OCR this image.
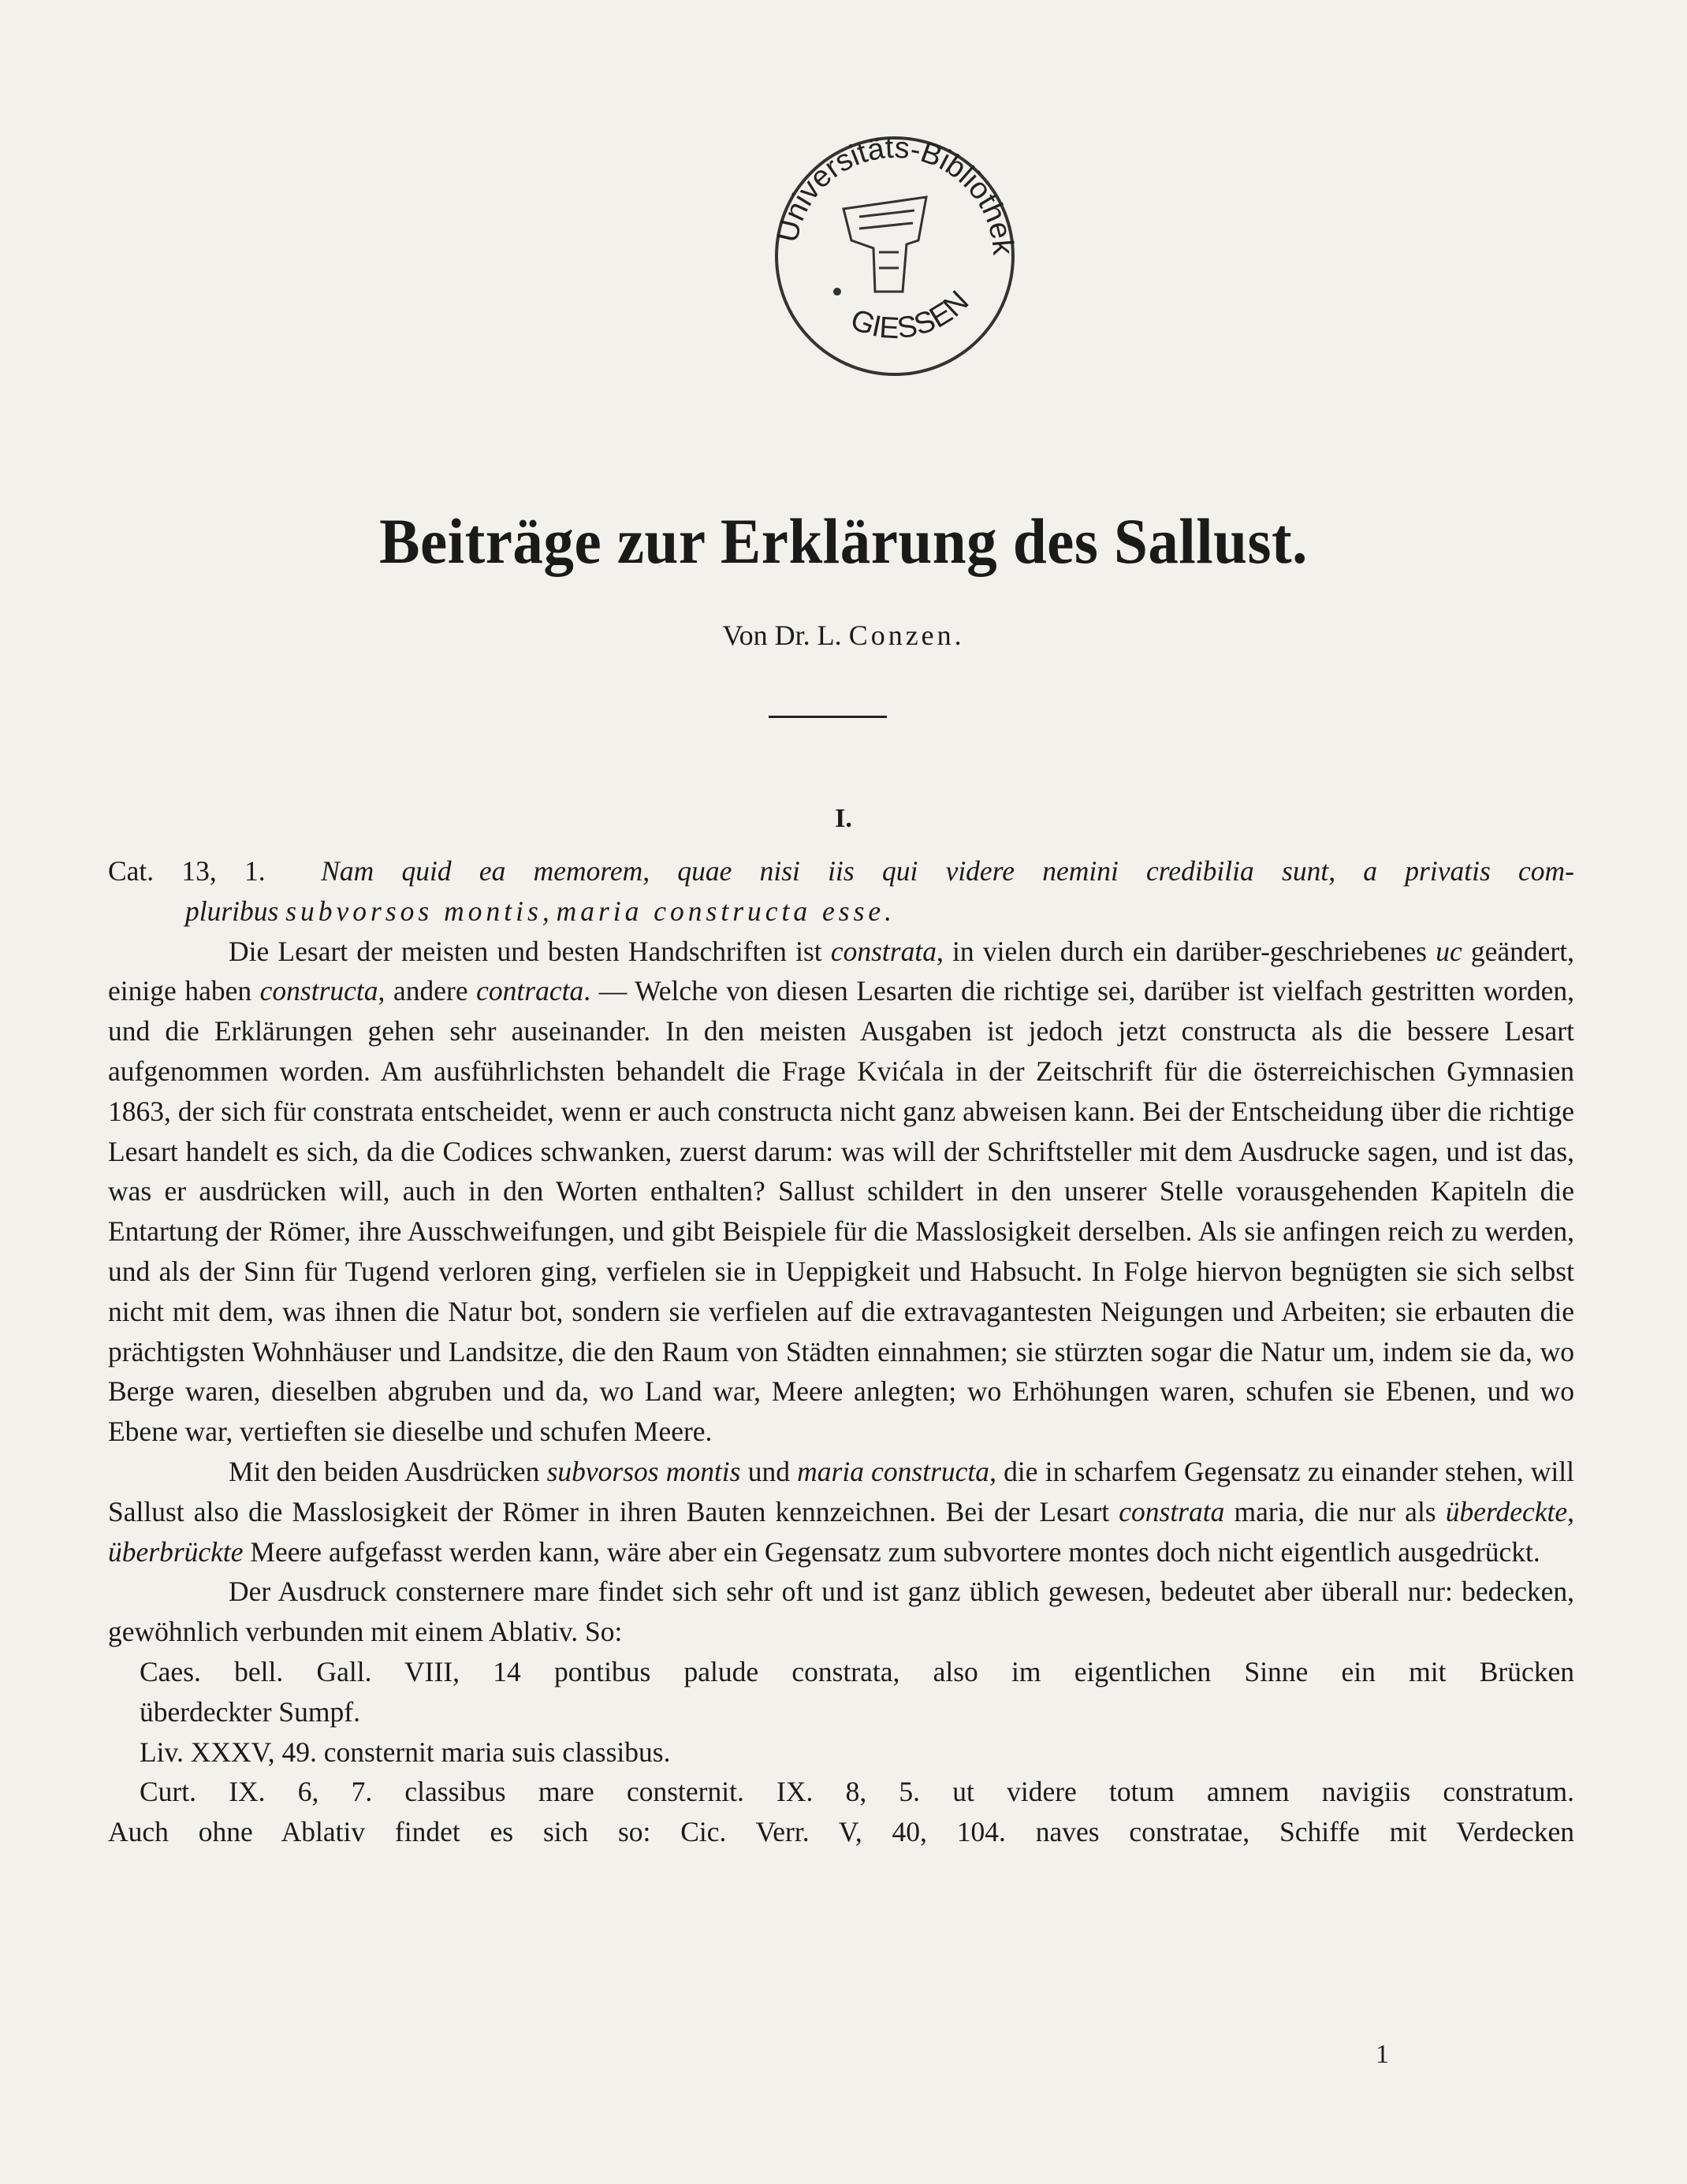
Universitäts-Bibliothek
GIESSEN
Beiträge zur Erklärung des Sallust.
Von Dr. L. Conzen.
I.

Cat. 13, 1. Nam quid ea memorem, quae nisi iis qui videre nemini credibilia sunt, a privatis com-

pluribus subvorsos montis, maria constructa esse.

Die Lesart der meisten und besten Handschriften ist constrata, in vielen durch ein darüber-geschriebenes uc geändert, einige haben constructa, andere contracta. — Welche von diesen Lesarten die richtige sei, darüber ist vielfach gestritten worden, und die Erklärungen gehen sehr auseinander. In den meisten Ausgaben ist jedoch jetzt constructa als die bessere Lesart aufgenommen worden. Am ausführlichsten behandelt die Frage Kvićala in der Zeitschrift für die österreichischen Gymnasien 1863, der sich für constrata entscheidet, wenn er auch constructa nicht ganz abweisen kann. Bei der Entscheidung über die richtige Lesart handelt es sich, da die Codices schwanken, zuerst darum: was will der Schriftsteller mit dem Ausdrucke sagen, und ist das, was er ausdrücken will, auch in den Worten enthalten? Sallust schildert in den unserer Stelle vorausgehenden Kapiteln die Entartung der Römer, ihre Ausschweifungen, und gibt Beispiele für die Masslosigkeit derselben. Als sie anfingen reich zu werden, und als der Sinn für Tugend verloren ging, verfielen sie in Ueppigkeit und Habsucht. In Folge hiervon begnügten sie sich selbst nicht mit dem, was ihnen die Natur bot, sondern sie verfielen auf die extravagantesten Neigungen und Arbeiten; sie erbauten die prächtigsten Wohnhäuser und Landsitze, die den Raum von Städten einnahmen; sie stürzten sogar die Natur um, indem sie da, wo Berge waren, dieselben abgruben und da, wo Land war, Meere anlegten; wo Erhöhungen waren, schufen sie Ebenen, und wo Ebene war, vertieften sie dieselbe und schufen Meere.

Mit den beiden Ausdrücken subvorsos montis und maria constructa, die in scharfem Gegensatz zu einander stehen, will Sallust also die Masslosigkeit der Römer in ihren Bauten kennzeichnen. Bei der Lesart constrata maria, die nur als überdeckte, überbrückte Meere aufgefasst werden kann, wäre aber ein Gegensatz zum subvortere montes doch nicht eigentlich ausgedrückt.

Der Ausdruck consternere mare findet sich sehr oft und ist ganz üblich gewesen, bedeutet aber überall nur: bedecken, gewöhnlich verbunden mit einem Ablativ. So:

Caes. bell. Gall. VIII, 14 pontibus palude constrata, also im eigentlichen Sinne ein mit Brücken

überdeckter Sumpf.

Liv. XXXV, 49. consternit maria suis classibus.

Curt. IX. 6, 7. classibus mare consternit. IX. 8, 5. ut videre totum amnem navigiis constratum.

Auch ohne Ablativ findet es sich so: Cic. Verr. V, 40, 104. naves constratae, Schiffe mit Verdecken

1
